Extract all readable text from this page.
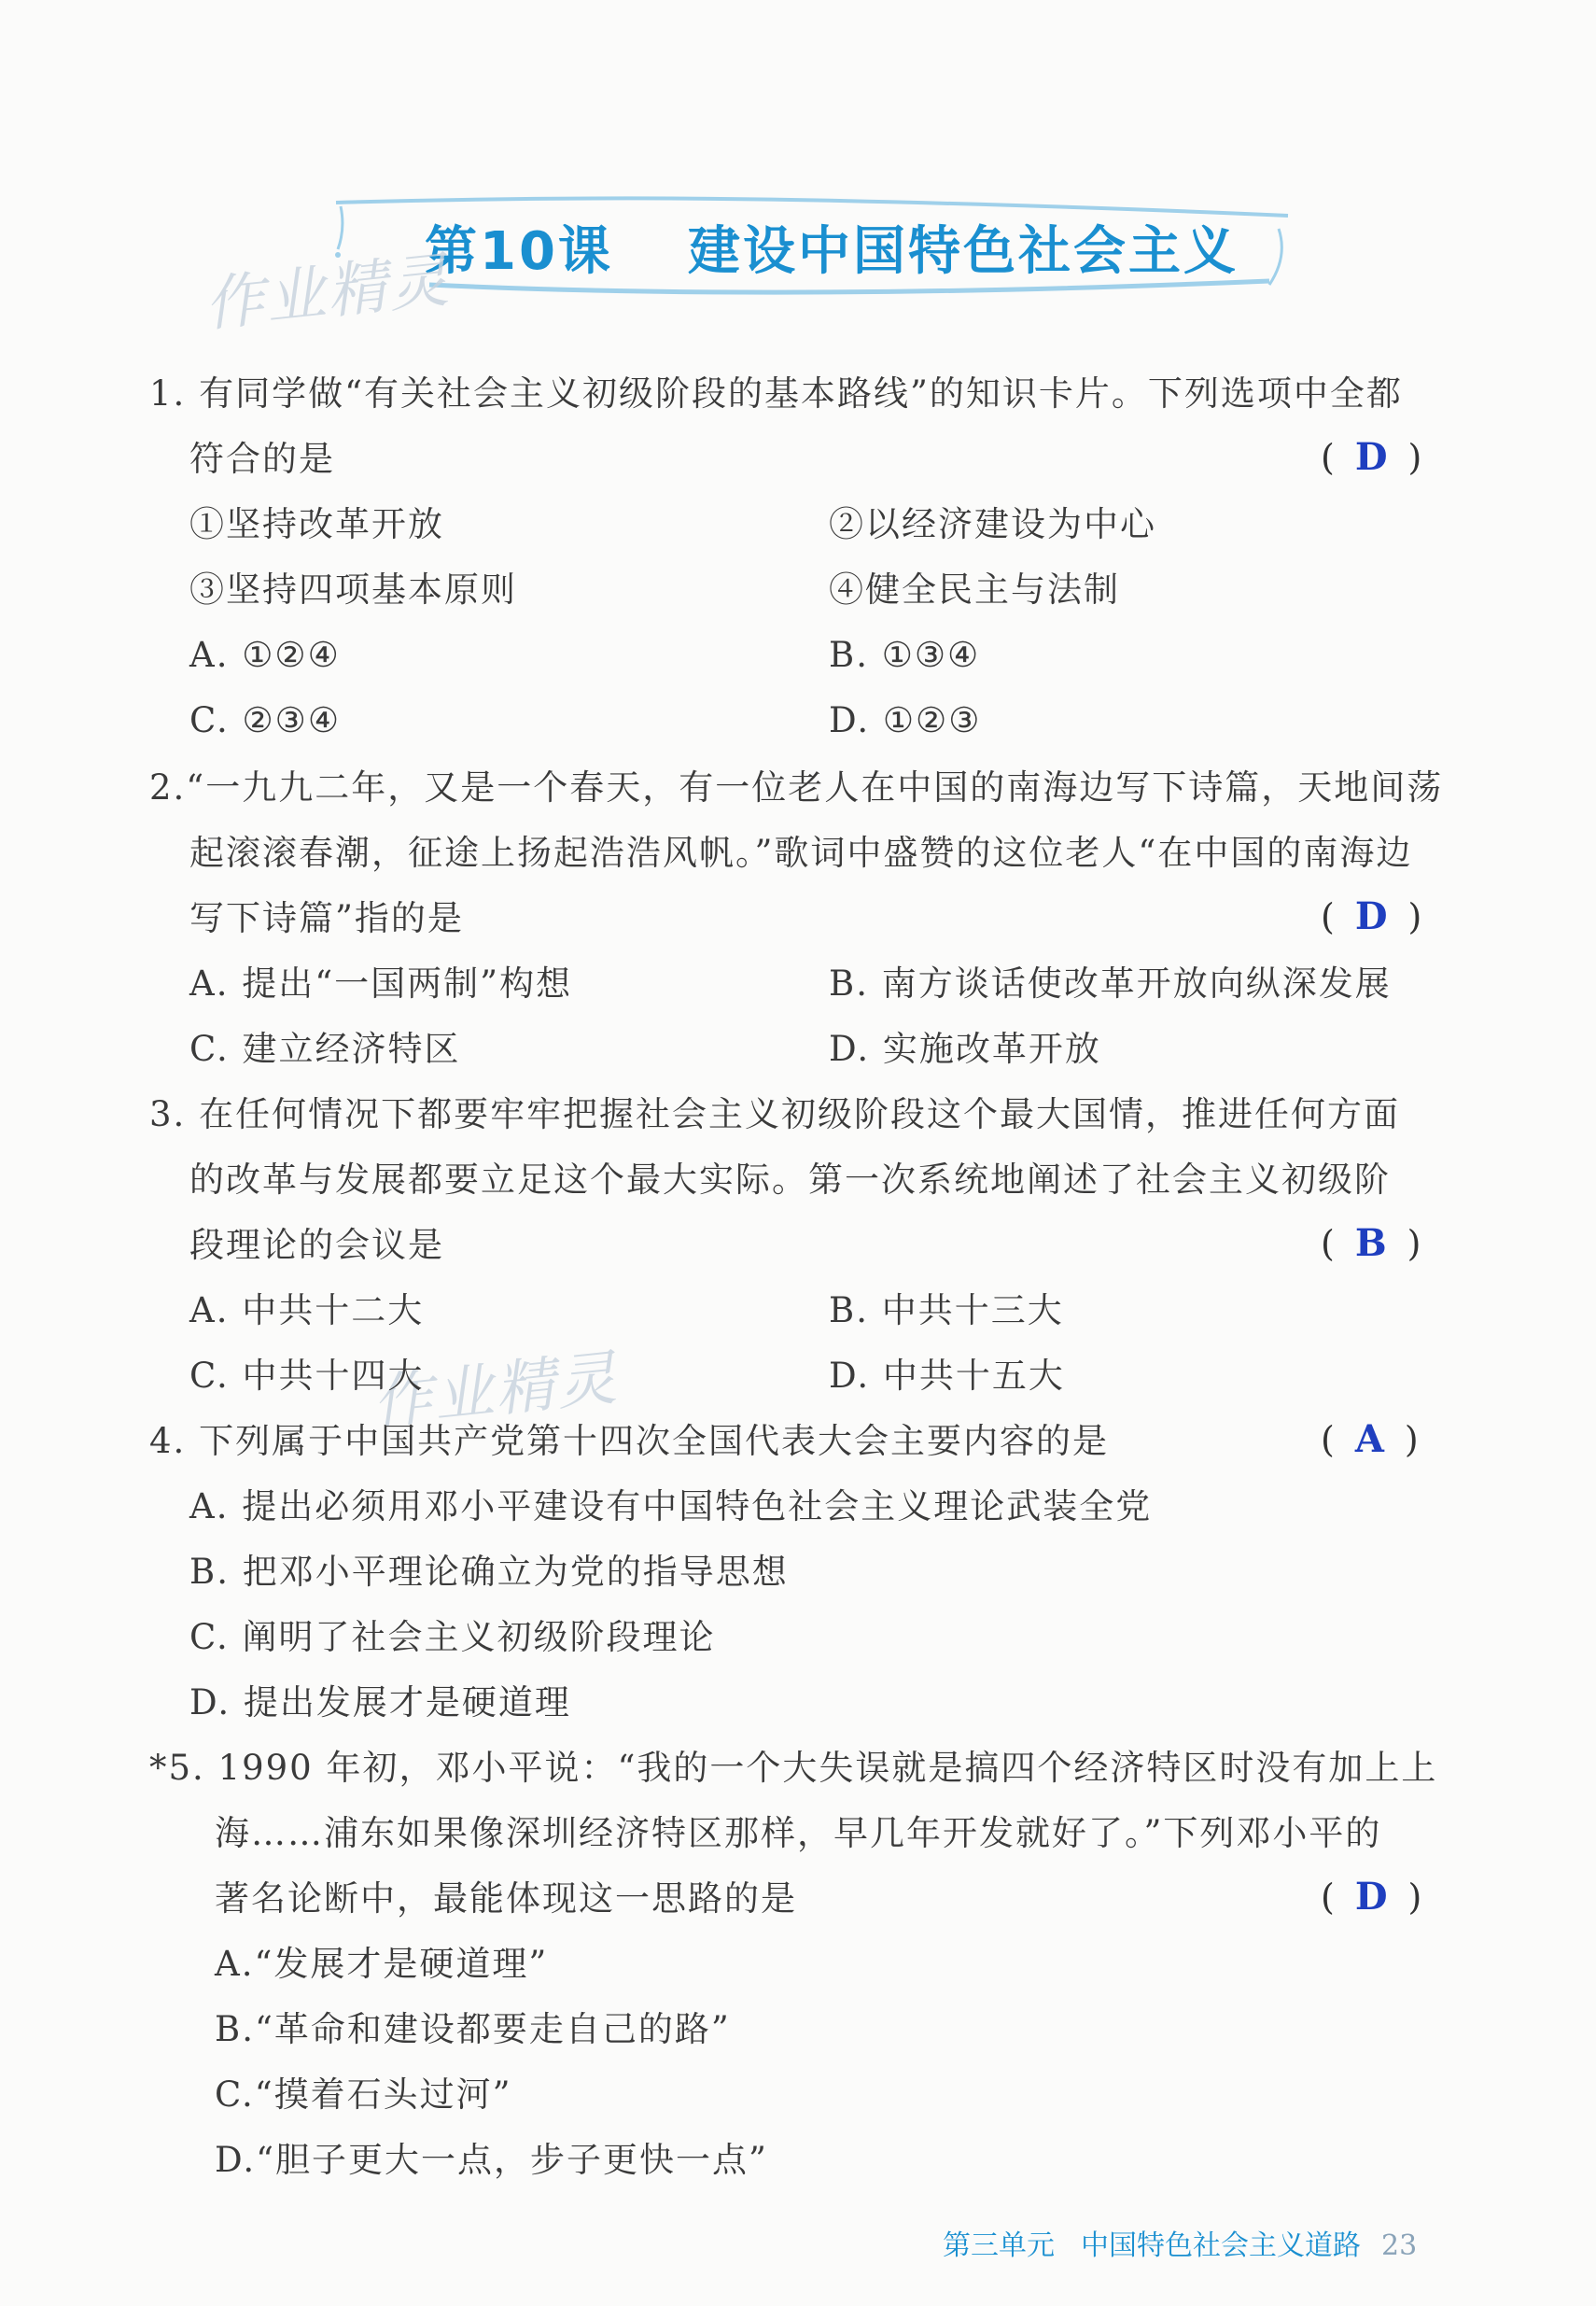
第10课 建设中国特色社会主义
作业精灵
作业精灵
1. 有同学做“有关社会主义初级阶段的基本路线”的知识卡片。下列选项中全都
符合的是	( D )
①坚持改革开放	②以经济建设为中心
③坚持四项基本原则	④健全民主与法制
A. ①②④	B. ①③④
C. ②③④	D. ①②③
2.“一九九二年，又是一个春天，有一位老人在中国的南海边写下诗篇，天地间荡
起滚滚春潮，征途上扬起浩浩风帆。”歌词中盛赞的这位老人“在中国的南海边
写下诗篇”指的是	( D )
A. 提出“一国两制”构想	B. 南方谈话使改革开放向纵深发展
C. 建立经济特区	D. 实施改革开放
3. 在任何情况下都要牢牢把握社会主义初级阶段这个最大国情，推进任何方面
的改革与发展都要立足这个最大实际。第一次系统地阐述了社会主义初级阶
段理论的会议是	( B )
A. 中共十二大	B. 中共十三大
C. 中共十四大	D. 中共十五大
4. 下列属于中国共产党第十四次全国代表大会主要内容的是	( A )
A. 提出必须用邓小平建设有中国特色社会主义理论武装全党
B. 把邓小平理论确立为党的指导思想
C. 阐明了社会主义初级阶段理论
D. 提出发展才是硬道理
*5. 1990 年初，邓小平说：“我的一个大失误就是搞四个经济特区时没有加上上
海……浦东如果像深圳经济特区那样，早几年开发就好了。”下列邓小平的
著名论断中，最能体现这一思路的是	( D )
A.“发展才是硬道理”
B.“革命和建设都要走自己的路”
C.“摸着石头过河”
D.“胆子更大一点，步子更快一点”
第三单元 中国特色社会主义道路 23
